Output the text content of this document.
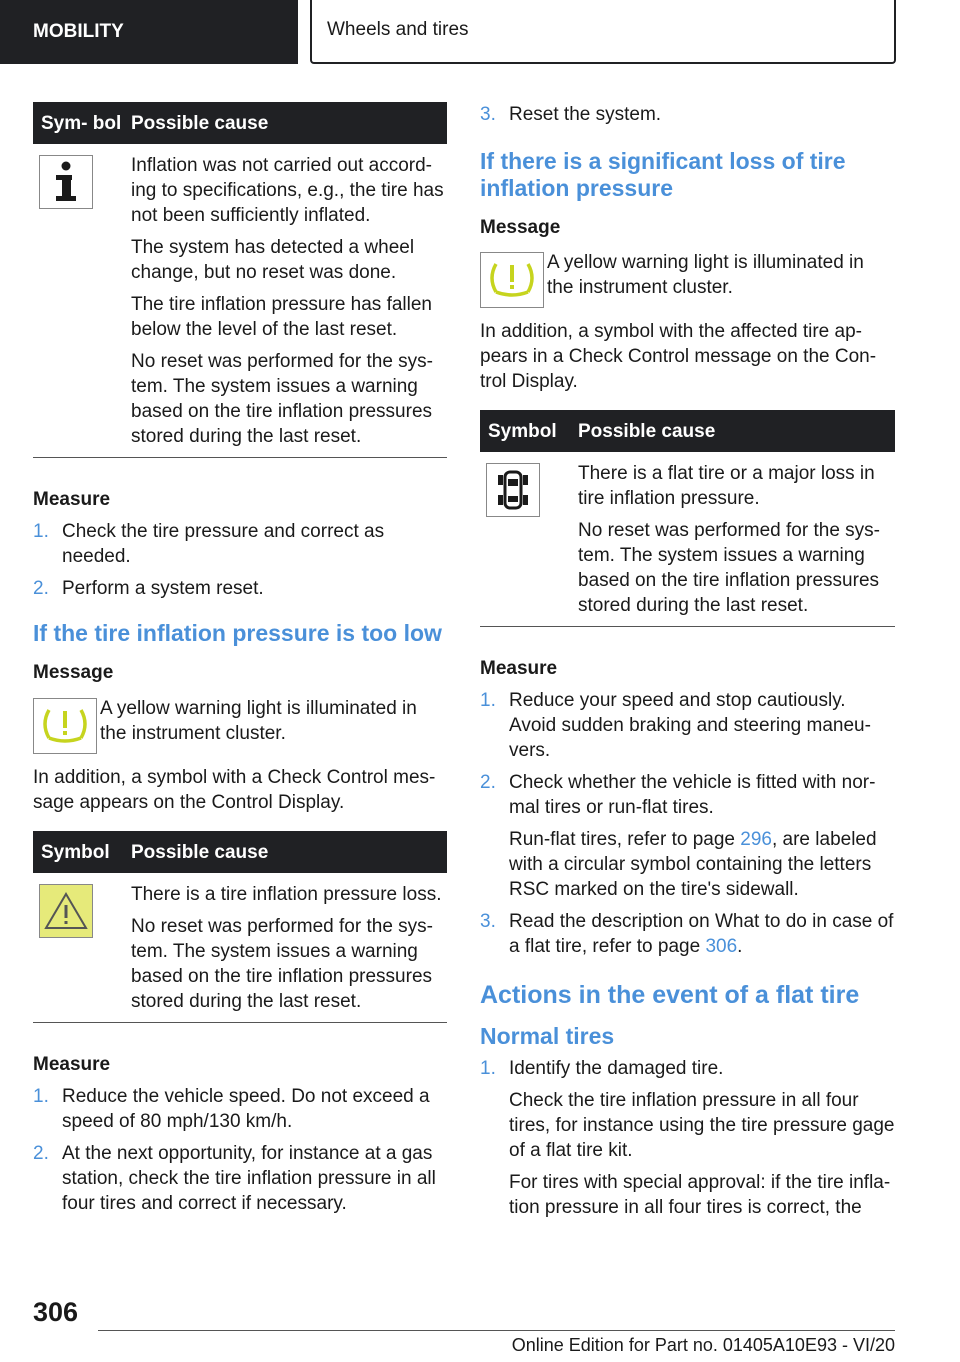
MOBILITY	Wheels and tires
Sym‐ bol	Possible cause

Inflation was not carried out accord‐ ing to specifications, e.g., the tire has not been sufficiently inflated.

The system has detected a wheel change, but no reset was done.

The tire inflation pressure has fallen below the level of the last reset.

No reset was performed for the sys‐ tem. The system issues a warning based on the tire inflation pressures stored during the last reset.

Measure
1. Check the tire pressure and correct as needed.
2. Perform a system reset.
If the tire inflation pressure is too low
Message

A yellow warning light is illuminated in the instrument cluster.

In addition, a symbol with a Check Control mes‐ sage appears on the Control Display.

Symbol	Possible cause

There is a tire inflation pressure loss.

No reset was performed for the sys‐ tem. The system issues a warning based on the tire inflation pressures stored during the last reset.

Measure
1. Reduce the vehicle speed. Do not exceed a speed of 80 mph/130 km/h.
2. At the next opportunity, for instance at a gas station, check the tire inflation pressure in all four tires and correct if necessary.
3. Reset the system.
If there is a significant loss of tire inflation pressure
Message

A yellow warning light is illuminated in the instrument cluster.

In addition, a symbol with the affected tire ap‐ pears in a Check Control message on the Con‐ trol Display.

Symbol	Possible cause

There is a flat tire or a major loss in tire inflation pressure.

No reset was performed for the sys‐ tem. The system issues a warning based on the tire inflation pressures stored during the last reset.

Measure
1. Reduce your speed and stop cautiously. Avoid sudden braking and steering maneu‐ vers.
2. Check whether the vehicle is fitted with nor‐ mal tires or run-flat tires.
Run-flat tires, refer to page 296, are labeled with a circular symbol containing the letters RSC marked on the tire's sidewall.
3. Read the description on What to do in case of a flat tire, refer to page 306.
Actions in the event of a flat tire
Normal tires
1. Identify the damaged tire.
Check the tire inflation pressure in all four tires, for instance using the tire pressure gage of a flat tire kit.
For tires with special approval: if the tire infla‐ tion pressure in all four tires is correct, the
306
Online Edition for Part no. 01405A10E93 - VI/20
